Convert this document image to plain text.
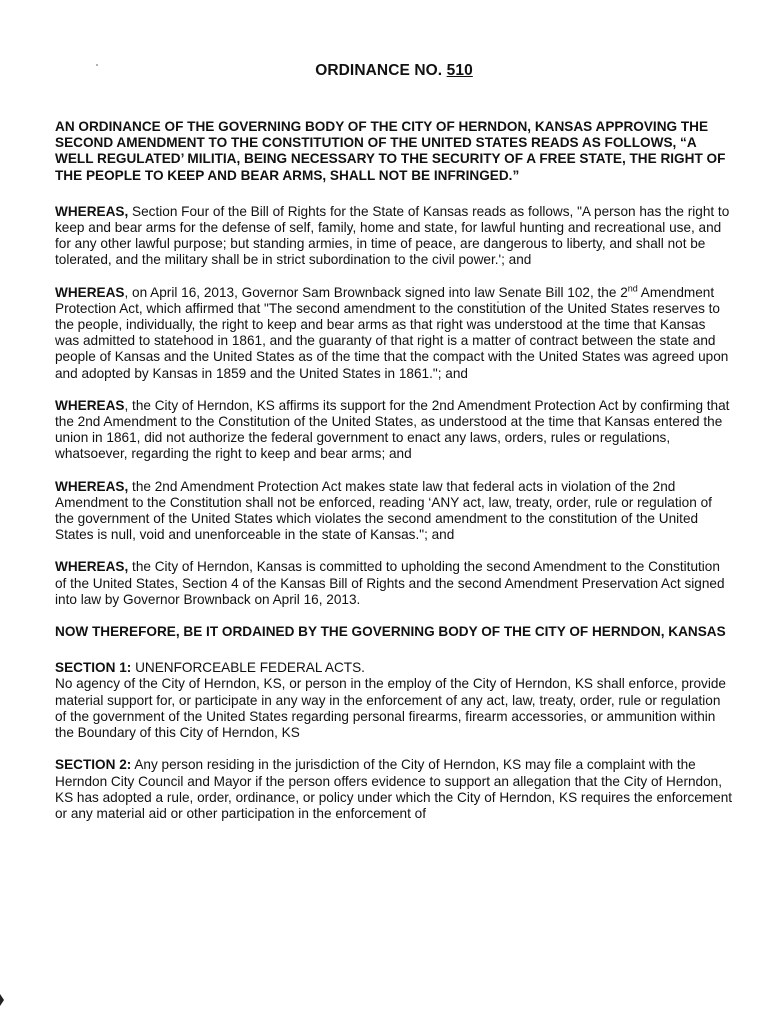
ORDINANCE NO. 510
AN ORDINANCE OF THE GOVERNING BODY OF THE CITY OF HERNDON, KANSAS APPROVING THE SECOND AMENDMENT TO THE CONSTITUTION OF THE UNITED STATES READS AS FOLLOWS, “A WELL REGULATED’ MILITIA, BEING NECESSARY TO THE SECURITY OF A FREE STATE, THE RIGHT OF THE PEOPLE TO KEEP AND BEAR ARMS, SHALL NOT BE INFRINGED.”

WHEREAS, Section Four of the Bill of Rights for the State of Kansas reads as follows, "A person has the right to keep and bear arms for the defense of self, family, home and state, for lawful hunting and recreational use, and for any other lawful purpose; but standing armies, in time of peace, are dangerous to liberty, and shall not be tolerated, and the military shall be in strict subordination to the civil power.'; and

WHEREAS, on April 16, 2013, Governor Sam Brownback signed into law Senate Bill 102, the 2nd Amendment Protection Act, which affirmed that "The second amendment to the constitution of the United States reserves to the people, individually, the right to keep and bear arms as that right was understood at the time that Kansas was admitted to statehood in 1861, and the guaranty of that right is a matter of contract between the state and people of Kansas and the United States as of the time that the compact with the United States was agreed upon and adopted by Kansas in 1859 and the United States in 1861."; and

WHEREAS, the City of Herndon, KS affirms its support for the 2nd Amendment Protection Act by confirming that the 2nd Amendment to the Constitution of the United States, as understood at the time that Kansas entered the union in 1861, did not authorize the federal government to enact any laws, orders, rules or regulations, whatsoever, regarding the right to keep and bear arms; and

WHEREAS, the 2nd Amendment Protection Act makes state law that federal acts in violation of the 2nd Amendment to the Constitution shall not be enforced, reading ‘ANY act, law, treaty, order, rule or regulation of the government of the United States which violates the second amendment to the constitution of the United States is null, void and unenforceable in the state of Kansas."; and

WHEREAS, the City of Herndon, Kansas is committed to upholding the second Amendment to the Constitution of the United States, Section 4 of the Kansas Bill of Rights and the second Amendment Preservation Act signed into law by Governor Brownback on April 16, 2013.

NOW THEREFORE, BE IT ORDAINED BY THE GOVERNING BODY OF THE CITY OF HERNDON, KANSAS

SECTION 1: UNENFORCEABLE FEDERAL ACTS.
No agency of the City of Herndon, KS, or person in the employ of the City of Herndon, KS shall enforce, provide material support for, or participate in any way in the enforcement of any act, law, treaty, order, rule or regulation of the government of the United States regarding personal firearms, firearm accessories, or ammunition within the Boundary of this City of Herndon, KS

SECTION 2: Any person residing in the jurisdiction of the City of Herndon, KS may file a complaint with the Herndon City Council and Mayor if the person offers evidence to support an allegation that the City of Herndon, KS has adopted a rule, order, ordinance, or policy under which the City of Herndon, KS requires the enforcement or any material aid or other participation in the enforcement of
